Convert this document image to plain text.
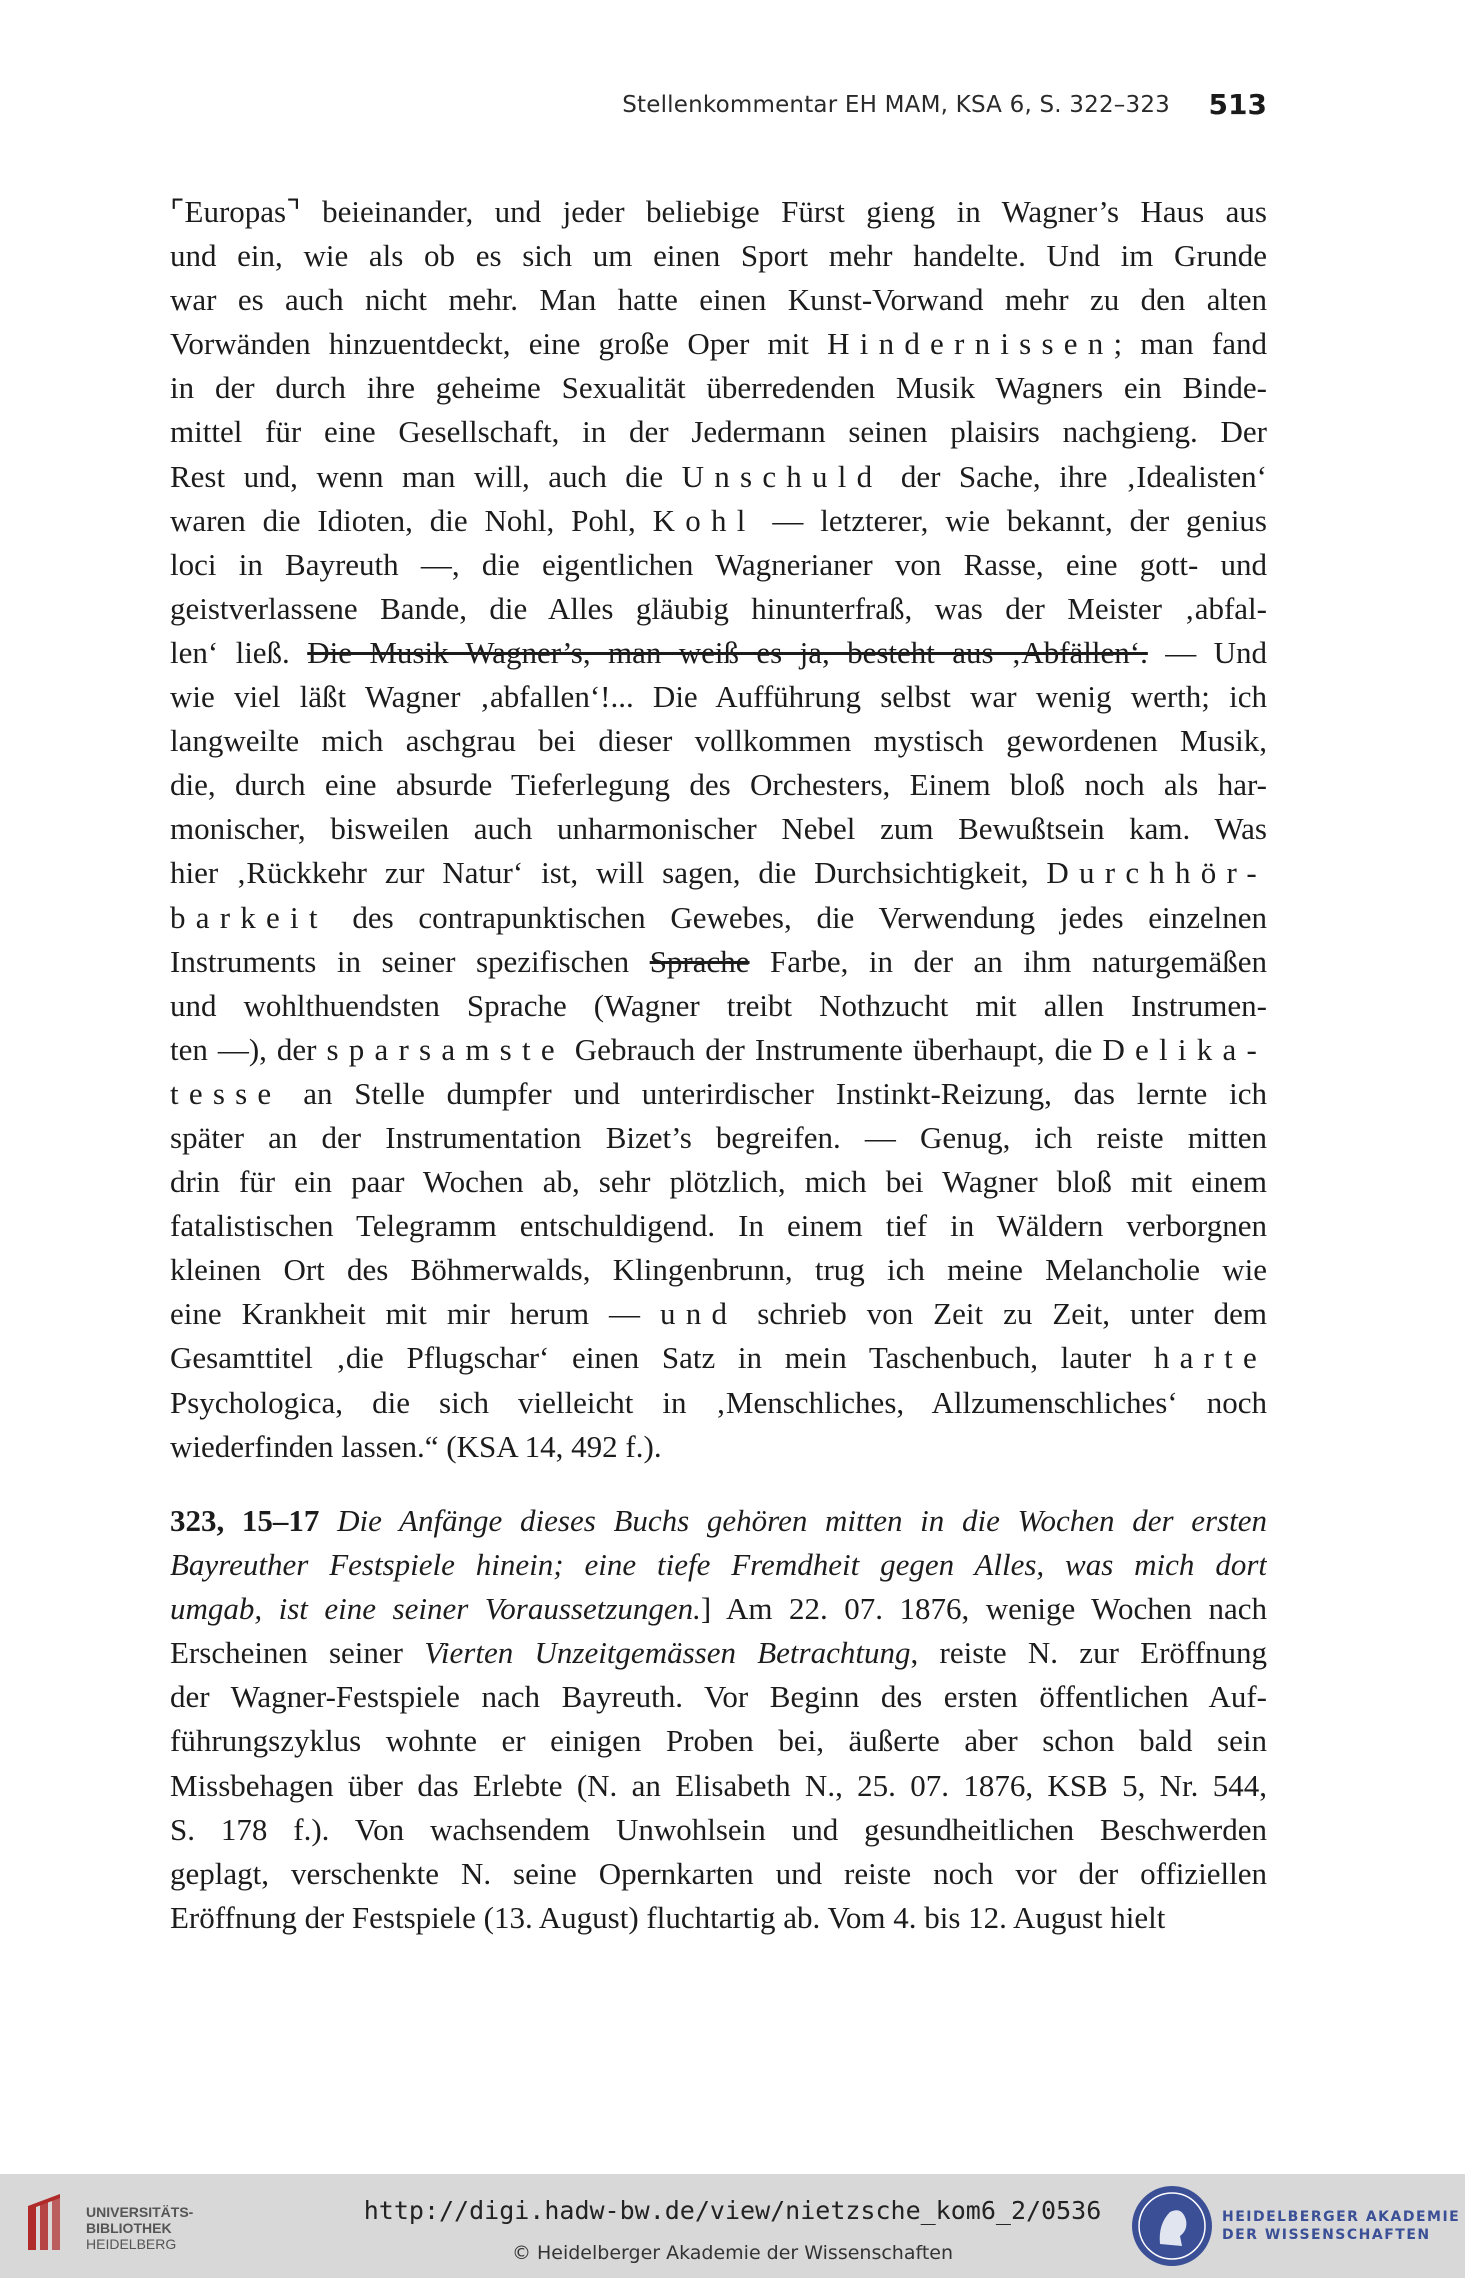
Stellenkommentar EH MAM, KSA 6, S. 322–323 513
⌜Europas⌝ beieinander, und jeder beliebige Fürst gieng in Wagner’s Haus aus
und ein, wie als ob es sich um einen Sport mehr handelte. Und im Grunde
war es auch nicht mehr. Man hatte einen Kunst-Vorwand mehr zu den alten
Vorwänden hinzuentdeckt, eine große Oper mit Hindernissen; man fand
in der durch ihre geheime Sexualität überredenden Musik Wagners ein Binde-
mittel für eine Gesellschaft, in der Jedermann seinen plaisirs nachgieng. Der
Rest und, wenn man will, auch die Unschuld der Sache, ihre ‚Idealisten‘
waren die Idioten, die Nohl, Pohl, Kohl — letzterer, wie bekannt, der genius
loci in Bayreuth —, die eigentlichen Wagnerianer von Rasse, eine gott- und
geistverlassene Bande, die Alles gläubig hinunterfraß, was der Meister ‚abfal-
len‘ ließ. Die Musik Wagner’s, man weiß es ja, besteht aus ‚Abfällen‘. — Und
wie viel läßt Wagner ‚abfallen‘!... Die Aufführung selbst war wenig werth; ich
langweilte mich aschgrau bei dieser vollkommen mystisch gewordenen Musik,
die, durch eine absurde Tieferlegung des Orchesters, Einem bloß noch als har-
monischer, bisweilen auch unharmonischer Nebel zum Bewußtsein kam. Was
hier ‚Rückkehr zur Natur‘ ist, will sagen, die Durchsichtigkeit, Durchhör-
barkeit des contrapunktischen Gewebes, die Verwendung jedes einzelnen
Instruments in seiner spezifischen Sprache Farbe, in der an ihm naturgemäßen
und wohlthuendsten Sprache (Wagner treibt Nothzucht mit allen Instrumen-
ten —), der sparsamste Gebrauch der Instrumente überhaupt, die Delika-
tesse an Stelle dumpfer und unterirdischer Instinkt-Reizung, das lernte ich
später an der Instrumentation Bizet’s begreifen. — Genug, ich reiste mitten
drin für ein paar Wochen ab, sehr plötzlich, mich bei Wagner bloß mit einem
fatalistischen Telegramm entschuldigend. In einem tief in Wäldern verborgnen
kleinen Ort des Böhmerwalds, Klingenbrunn, trug ich meine Melancholie wie
eine Krankheit mit mir herum — und schrieb von Zeit zu Zeit, unter dem
Gesamttitel ‚die Pflugschar‘ einen Satz in mein Taschenbuch, lauter harte
Psychologica, die sich vielleicht in ‚Menschliches, Allzumenschliches‘ noch
wiederfinden lassen.“ (KSA 14, 492 f.).
323, 15–17 Die Anfänge dieses Buchs gehören mitten in die Wochen der ersten
Bayreuther Festspiele hinein; eine tiefe Fremdheit gegen Alles, was mich dort
umgab, ist eine seiner Voraussetzungen.] Am 22. 07. 1876, wenige Wochen nach
Erscheinen seiner Vierten Unzeitgemässen Betrachtung, reiste N. zur Eröffnung
der Wagner-Festspiele nach Bayreuth. Vor Beginn des ersten öffentlichen Auf-
führungszyklus wohnte er einigen Proben bei, äußerte aber schon bald sein
Missbehagen über das Erlebte (N. an Elisabeth N., 25. 07. 1876, KSB 5, Nr. 544,
S. 178 f.). Von wachsendem Unwohlsein und gesundheitlichen Beschwerden
geplagt, verschenkte N. seine Opernkarten und reiste noch vor der offiziellen
Eröffnung der Festspiele (13. August) fluchtartig ab. Vom 4. bis 12. August hielt
UNIVERSITÄTS-
BIBLIOTHEK
HEIDELBERG
http://digi.hadw-bw.de/view/nietzsche_kom6_2/0536
© Heidelberger Akademie der Wissenschaften
HEIDELBERGER AKADEMIE
DER WISSENSCHAFTEN
